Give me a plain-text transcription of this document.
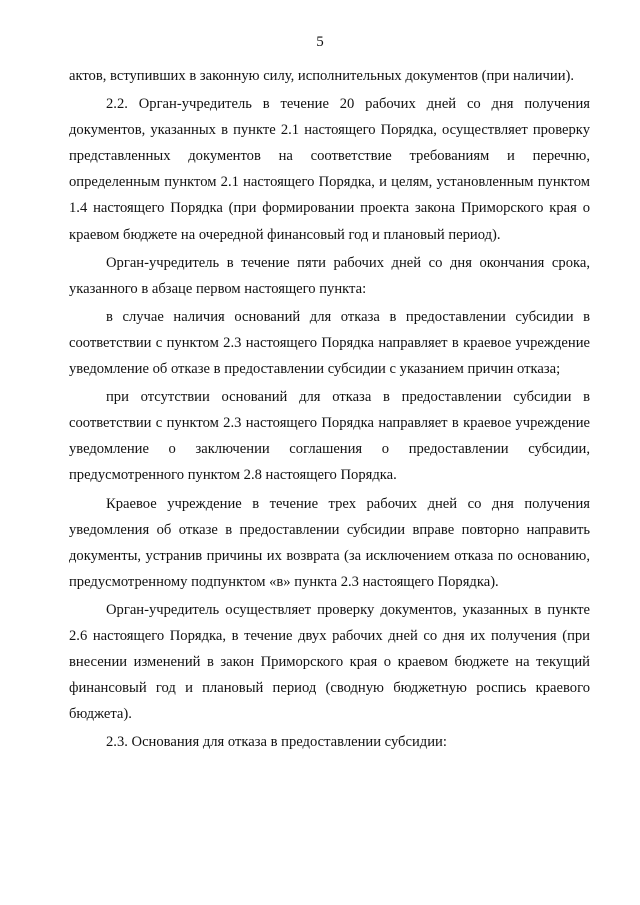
5

актов, вступивших в законную силу, исполнительных документов (при наличии).

2.2. Орган-учредитель в течение 20 рабочих дней со дня получения документов, указанных в пункте 2.1 настоящего Порядка, осуществляет проверку представленных документов на соответствие требованиям и перечню, определенным пунктом 2.1 настоящего Порядка, и целям, установленным пунктом 1.4 настоящего Порядка (при формировании проекта закона Приморского края о краевом бюджете на очередной финансовый год и плановый период).

Орган-учредитель в течение пяти рабочих дней со дня окончания срока, указанного в абзаце первом настоящего пункта:

в случае наличия оснований для отказа в предоставлении субсидии в соответствии с пунктом 2.3 настоящего Порядка направляет в краевое учреждение уведомление об отказе в предоставлении субсидии с указанием причин отказа;

при отсутствии оснований для отказа в предоставлении субсидии в соответствии с пунктом 2.3 настоящего Порядка направляет в краевое учреждение уведомление о заключении соглашения о предоставлении субсидии, предусмотренного пунктом 2.8 настоящего Порядка.

Краевое учреждение в течение трех рабочих дней со дня получения уведомления об отказе в предоставлении субсидии вправе повторно направить документы, устранив причины их возврата (за исключением отказа по основанию, предусмотренному подпунктом «в» пункта 2.3 настоящего Порядка).

Орган-учредитель осуществляет проверку документов, указанных в пункте 2.6 настоящего Порядка, в течение двух рабочих дней со дня их получения (при внесении изменений в закон Приморского края о краевом бюджете на текущий финансовый год и плановый период (сводную бюджетную роспись краевого бюджета).

2.3. Основания для отказа в предоставлении субсидии:
